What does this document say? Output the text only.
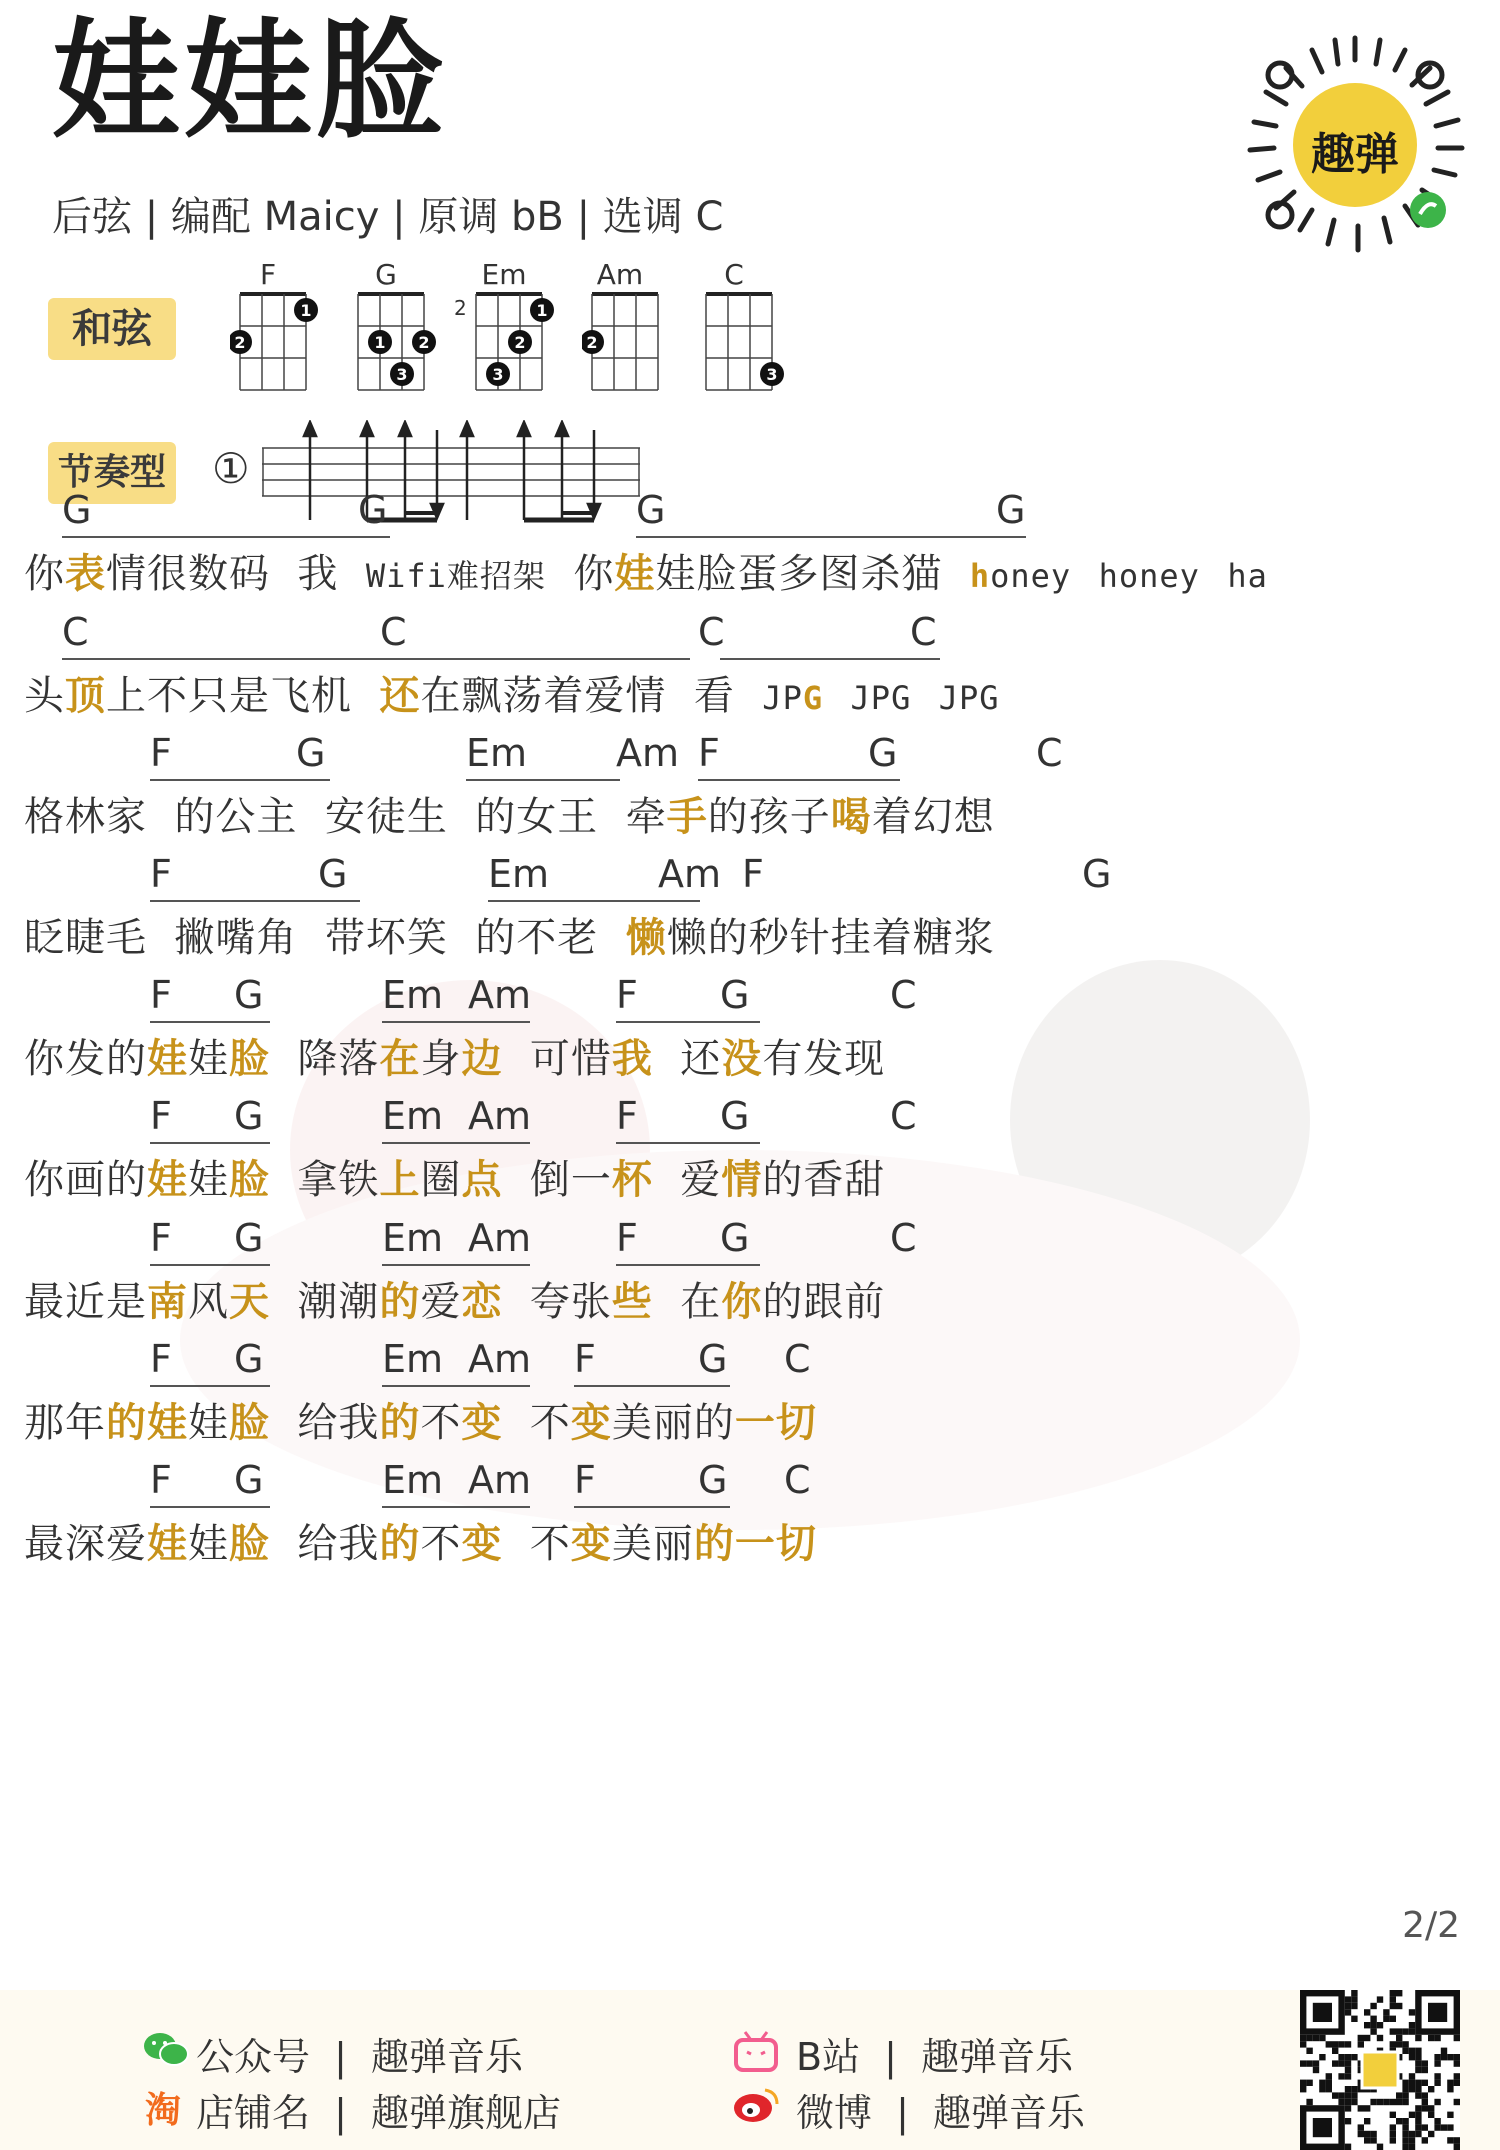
娃娃脸
后弦 | 编配 Maicy | 原调 bB | 选调 C
趣弹
和弦
F
1
2
G
1 2
3
Em
2	1
2
3
Am
2
C
3
节奏型 ①
G	G	G	G
你表情很数码  我  Wifi难招架  你娃娃脸蛋多图杀猫  honey honey ha
C	C	C	C
头顶上不只是飞机  还在飘荡着爱情  看  JPG JPG JPG
F	G	Em Am F	G	C
格林家  的公主  安徒生  的女王  牵手的孩子喝着幻想
F	G	Em	Am F	G
眨睫毛  撇嘴角  带坏笑  的不老  懒懒的秒针挂着糖浆
F G	Em Am F G	C
你发的娃娃脸  降落在身边  可惜我  还没有发现
F G	Em Am F G	C
你画的娃娃脸  拿铁上圈点  倒一杯  爱情的香甜
F G	Em Am F G	C
最近是南风天  潮潮的爱恋  夸张些  在你的跟前
F G	Em Am F	G C
那年的娃娃脸  给我的不变  不变美丽的一切
F G	Em Am F	G C
最深爱娃娃脸  给我的不变  不变美丽的一切
2/2
公众号 | 趣弹音乐
淘 店铺名 | 趣弹旗舰店
B站 | 趣弹音乐
微博 | 趣弹音乐
